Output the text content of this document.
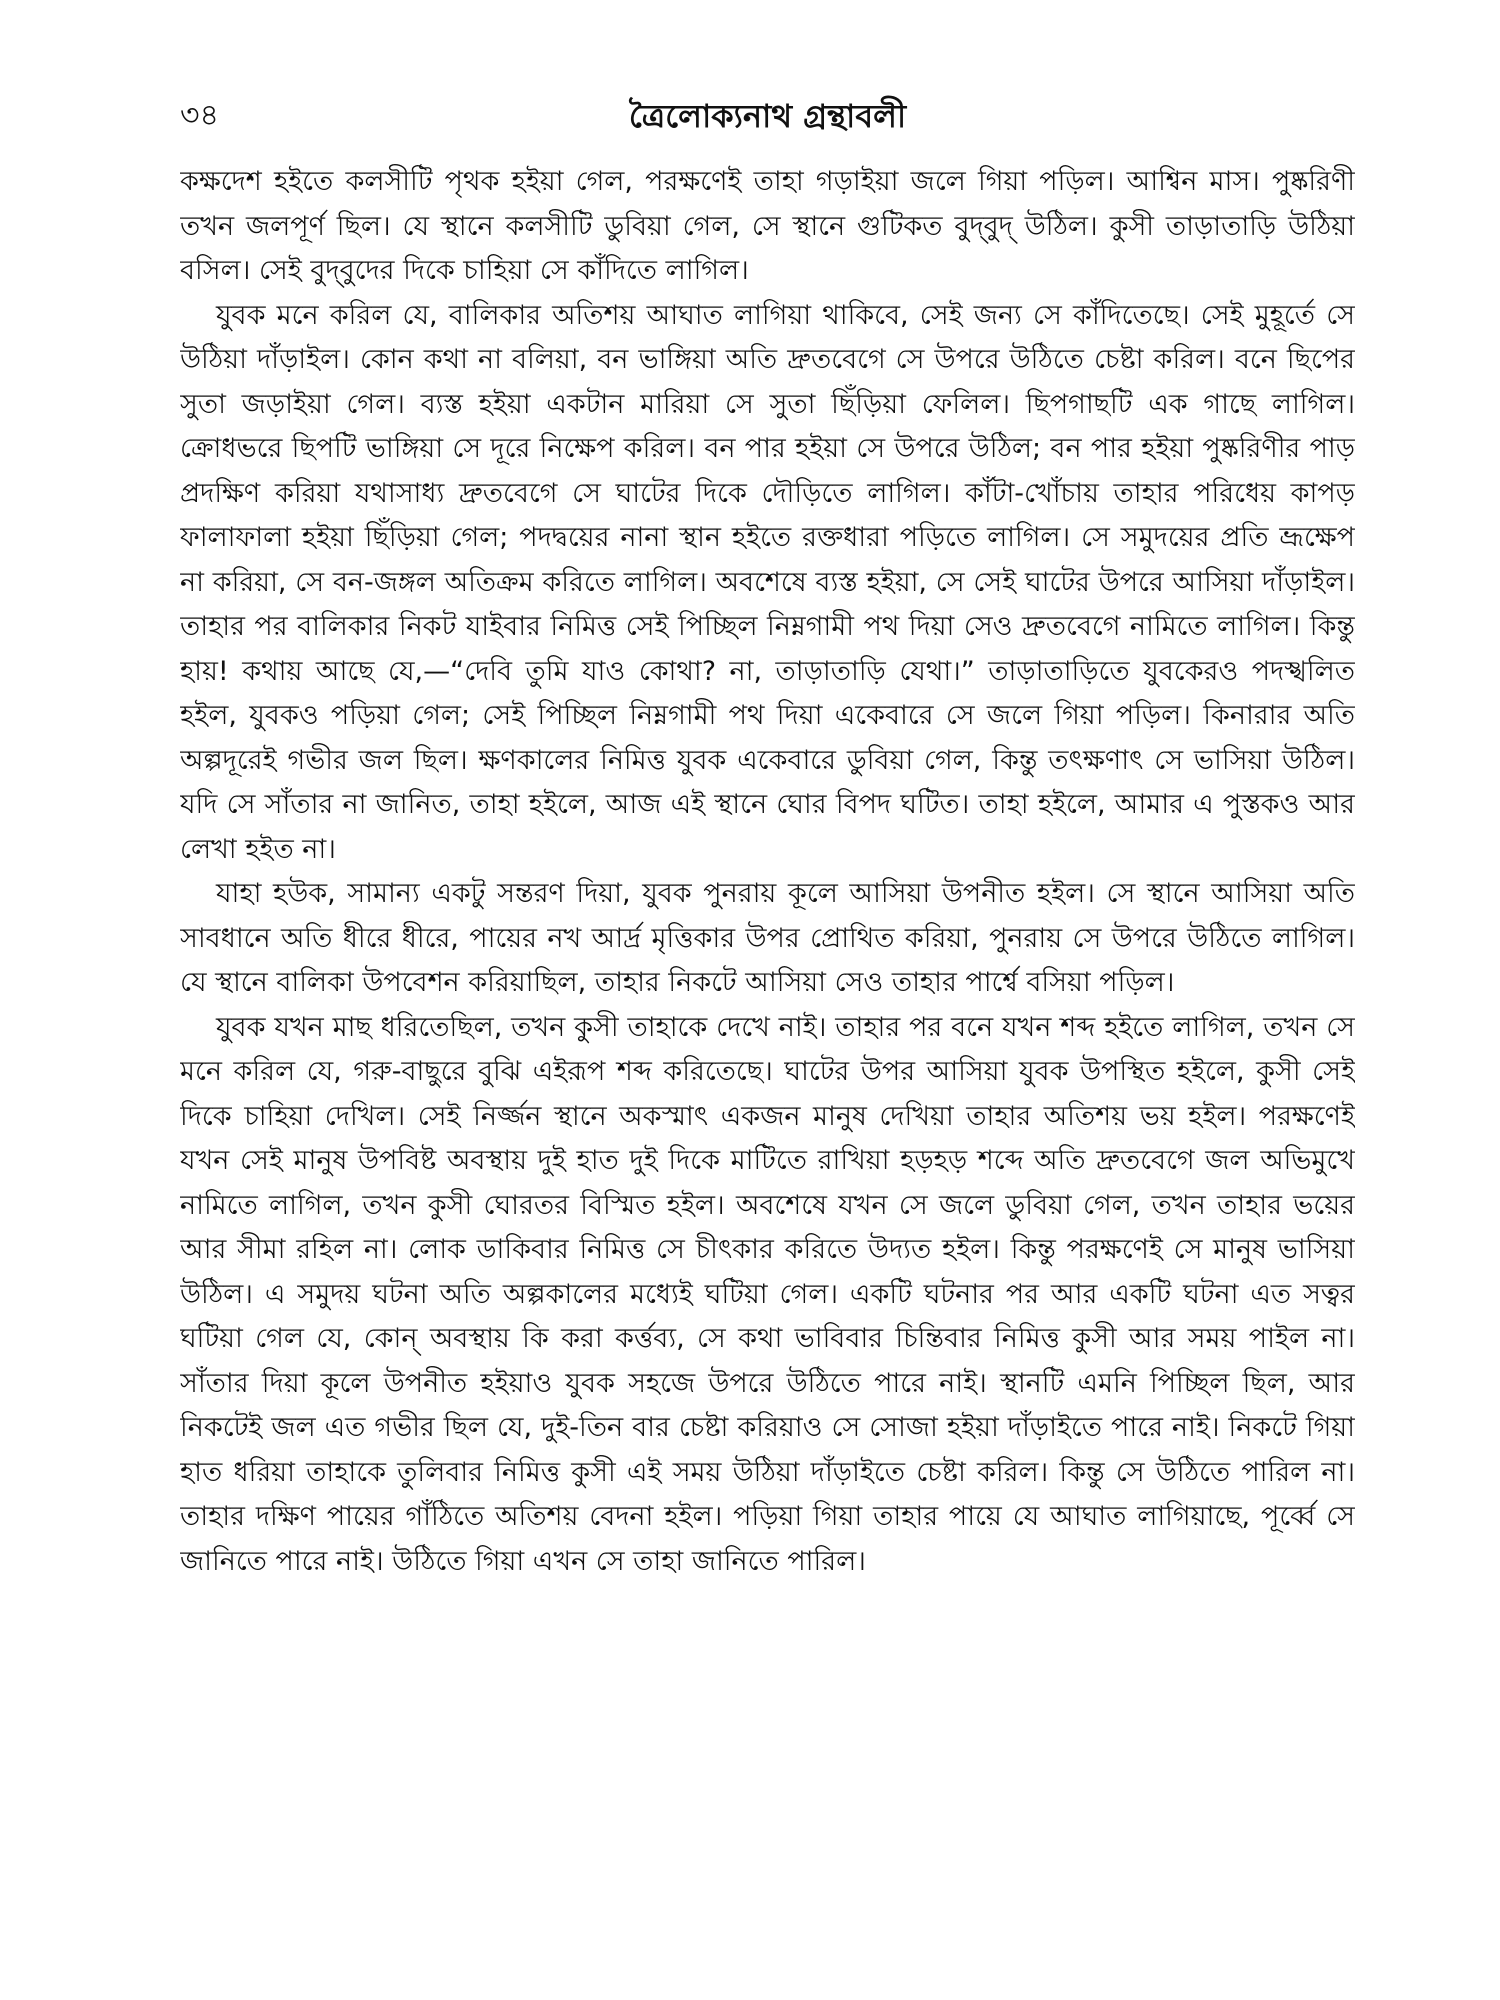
৩৪	ত্রৈলোক্যনাথ গ্রন্থাবলী

কক্ষদেশ হইতে কলসীটি পৃথক হইয়া গেল, পরক্ষণেই তাহা গড়াইয়া জলে গিয়া পড়িল। আশ্বিন মাস। পুষ্করিণী তখন জলপূর্ণ ছিল। যে স্থানে কলসীটি ডুবিয়া গেল, সে স্থানে গুটিকত বুদ্‌বুদ্‌ উঠিল। কুসী তাড়াতাড়ি উঠিয়া বসিল। সেই বুদ্‌বুদের দিকে চাহিয়া সে কাঁদিতে লাগিল।

যুবক মনে করিল যে, বালিকার অতিশয় আঘাত লাগিয়া থাকিবে, সেই জন্য সে কাঁদিতেছে। সেই মুহূর্তে সে উঠিয়া দাঁড়াইল। কোন কথা না বলিয়া, বন ভাঙ্গিয়া অতি দ্রুতবেগে সে উপরে উঠিতে চেষ্টা করিল। বনে ছিপের সুতা জড়াইয়া গেল। ব্যস্ত হইয়া একটান মারিয়া সে সুতা ছিঁড়িয়া ফেলিল। ছিপগাছটি এক গাছে লাগিল। ক্রোধভরে ছিপটি ভাঙ্গিয়া সে দূরে নিক্ষেপ করিল। বন পার হইয়া সে উপরে উঠিল; বন পার হইয়া পুষ্করিণীর পাড় প্রদক্ষিণ করিয়া যথাসাধ্য দ্রুতবেগে সে ঘাটের দিকে দৌড়িতে লাগিল। কাঁটা-খোঁচায় তাহার পরিধেয় কাপড় ফালাফালা হইয়া ছিঁড়িয়া গেল; পদদ্বয়ের নানা স্থান হইতে রক্তধারা পড়িতে লাগিল। সে সমুদয়ের প্রতি ভ্রূক্ষেপ না করিয়া, সে বন-জঙ্গল অতিক্রম করিতে লাগিল। অবশেষে ব্যস্ত হইয়া, সে সেই ঘাটের উপরে আসিয়া দাঁড়াইল। তাহার পর বালিকার নিকট যাইবার নিমিত্ত সেই পিচ্ছিল নিম্নগামী পথ দিয়া সেও দ্রুতবেগে নামিতে লাগিল। কিন্তু হায়! কথায় আছে যে,—“দেবি তুমি যাও কোথা? না, তাড়াতাড়ি যেথা।” তাড়াতাড়িতে যুবকেরও পদস্খলিত হইল, যুবকও পড়িয়া গেল; সেই পিচ্ছিল নিম্নগামী পথ দিয়া একেবারে সে জলে গিয়া পড়িল। কিনারার অতি অল্পদূরেই গভীর জল ছিল। ক্ষণকালের নিমিত্ত যুবক একেবারে ডুবিয়া গেল, কিন্তু তৎক্ষণাৎ সে ভাসিয়া উঠিল। যদি সে সাঁতার না জানিত, তাহা হইলে, আজ এই স্থানে ঘোর বিপদ ঘটিত। তাহা হইলে, আমার এ পুস্তকও আর লেখা হইত না।

যাহা হউক, সামান্য একটু সন্তরণ দিয়া, যুবক পুনরায় কূলে আসিয়া উপনীত হইল। সে স্থানে আসিয়া অতি সাবধানে অতি ধীরে ধীরে, পায়ের নখ আর্দ্র মৃত্তিকার উপর প্রোথিত করিয়া, পুনরায় সে উপরে উঠিতে লাগিল। যে স্থানে বালিকা উপবেশন করিয়াছিল, তাহার নিকটে আসিয়া সেও তাহার পার্শ্বে বসিয়া পড়িল।

যুবক যখন মাছ ধরিতেছিল, তখন কুসী তাহাকে দেখে নাই। তাহার পর বনে যখন শব্দ হইতে লাগিল, তখন সে মনে করিল যে, গরু-বাছুরে বুঝি এইরূপ শব্দ করিতেছে। ঘাটের উপর আসিয়া যুবক উপস্থিত হইলে, কুসী সেই দিকে চাহিয়া দেখিল। সেই নির্জ্জন স্থানে অকস্মাৎ একজন মানুষ দেখিয়া তাহার অতিশয় ভয় হইল। পরক্ষণেই যখন সেই মানুষ উপবিষ্ট অবস্থায় দুই হাত দুই দিকে মাটিতে রাখিয়া হড়হড় শব্দে অতি দ্রুতবেগে জল অভিমুখে নামিতে লাগিল, তখন কুসী ঘোরতর বিস্মিত হইল। অবশেষে যখন সে জলে ডুবিয়া গেল, তখন তাহার ভয়ের আর সীমা রহিল না। লোক ডাকিবার নিমিত্ত সে চীৎকার করিতে উদ্যত হইল। কিন্তু পরক্ষণেই সে মানুষ ভাসিয়া উঠিল। এ সমুদয় ঘটনা অতি অল্পকালের মধ্যেই ঘটিয়া গেল। একটি ঘটনার পর আর একটি ঘটনা এত সত্বর ঘটিয়া গেল যে, কোন্‌ অবস্থায় কি করা কর্ত্তব্য, সে কথা ভাবিবার চিন্তিবার নিমিত্ত কুসী আর সময় পাইল না। সাঁতার দিয়া কূলে উপনীত হইয়াও যুবক সহজে উপরে উঠিতে পারে নাই। স্থানটি এমনি পিচ্ছিল ছিল, আর নিকটেই জল এত গভীর ছিল যে, দুই-তিন বার চেষ্টা করিয়াও সে সোজা হইয়া দাঁড়াইতে পারে নাই। নিকটে গিয়া হাত ধরিয়া তাহাকে তুলিবার নিমিত্ত কুসী এই সময় উঠিয়া দাঁড়াইতে চেষ্টা করিল। কিন্তু সে উঠিতে পারিল না। তাহার দক্ষিণ পায়ের গাঁঠিতে অতিশয় বেদনা হইল। পড়িয়া গিয়া তাহার পায়ে যে আঘাত লাগিয়াছে, পূর্ব্বে সে জানিতে পারে নাই। উঠিতে গিয়া এখন সে তাহা জানিতে পারিল।
